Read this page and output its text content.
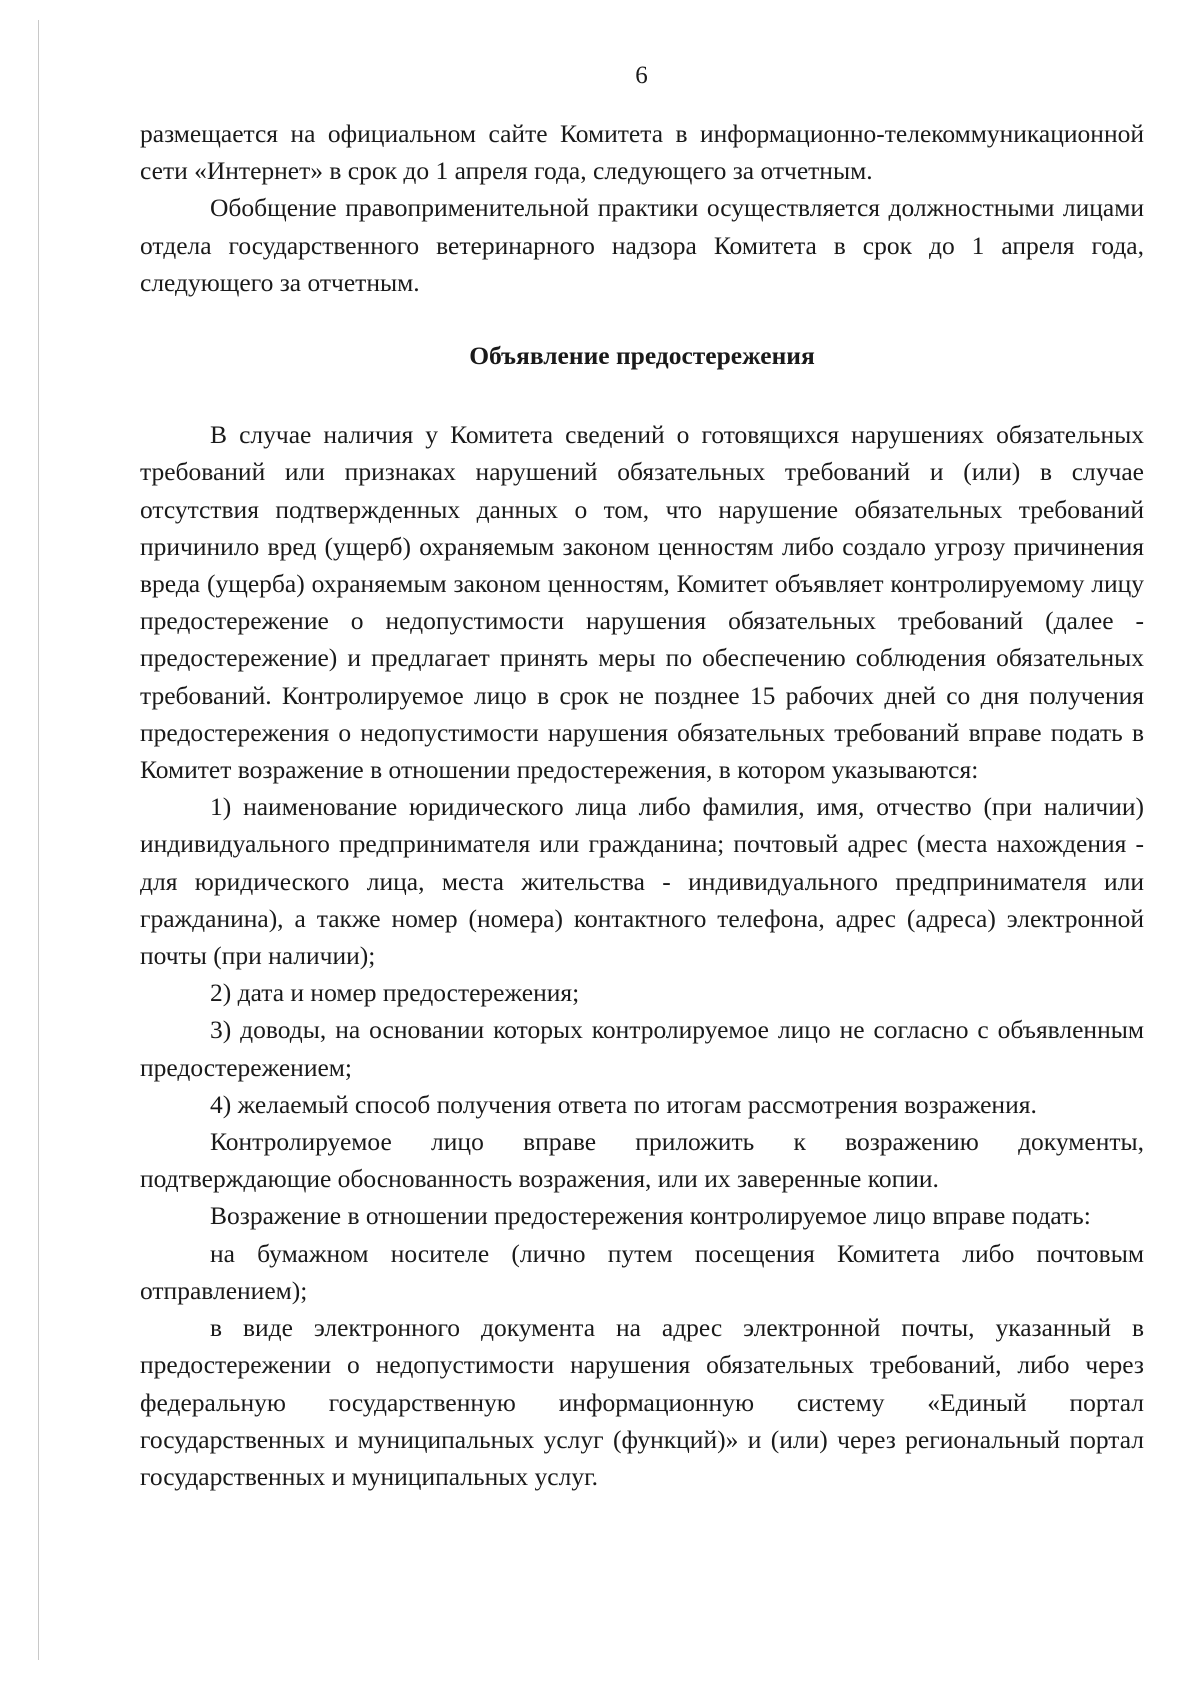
6

размещается на официальном сайте Комитета в информационно-телекоммуникационной сети «Интернет» в срок до 1 апреля года, следующего за отчетным.

Обобщение правоприменительной практики осуществляется должностными лицами отдела государственного ветеринарного надзора Комитета в срок до 1 апреля года, следующего за отчетным.

Объявление предостережения

В случае наличия у Комитета сведений о готовящихся нарушениях обязательных требований или признаках нарушений обязательных требований и (или) в случае отсутствия подтвержденных данных о том, что нарушение обязательных требований причинило вред (ущерб) охраняемым законом ценностям либо создало угрозу причинения вреда (ущерба) охраняемым законом ценностям, Комитет объявляет контролируемому лицу предостережение о недопустимости нарушения обязательных требований (далее - предостережение) и предлагает принять меры по обеспечению соблюдения обязательных требований. Контролируемое лицо в срок не позднее 15 рабочих дней со дня получения предостережения о недопустимости нарушения обязательных требований вправе подать в Комитет возражение в отношении предостережения, в котором указываются:

1) наименование юридического лица либо фамилия, имя, отчество (при наличии) индивидуального предпринимателя или гражданина; почтовый адрес (места нахождения - для юридического лица, места жительства - индивидуального предпринимателя или гражданина), а также номер (номера) контактного телефона, адрес (адреса) электронной почты (при наличии);

2) дата и номер предостережения;

3) доводы, на основании которых контролируемое лицо не согласно с объявленным предостережением;

4) желаемый способ получения ответа по итогам рассмотрения возражения.

Контролируемое лицо вправе приложить к возражению документы, подтверждающие обоснованность возражения, или их заверенные копии.

Возражение в отношении предостережения контролируемое лицо вправе подать:

на бумажном носителе (лично путем посещения Комитета либо почтовым отправлением);

в виде электронного документа на адрес электронной почты, указанный в предостережении о недопустимости нарушения обязательных требований, либо через федеральную государственную информационную систему «Единый портал государственных и муниципальных услуг (функций)» и (или) через региональный портал государственных и муниципальных услуг.
